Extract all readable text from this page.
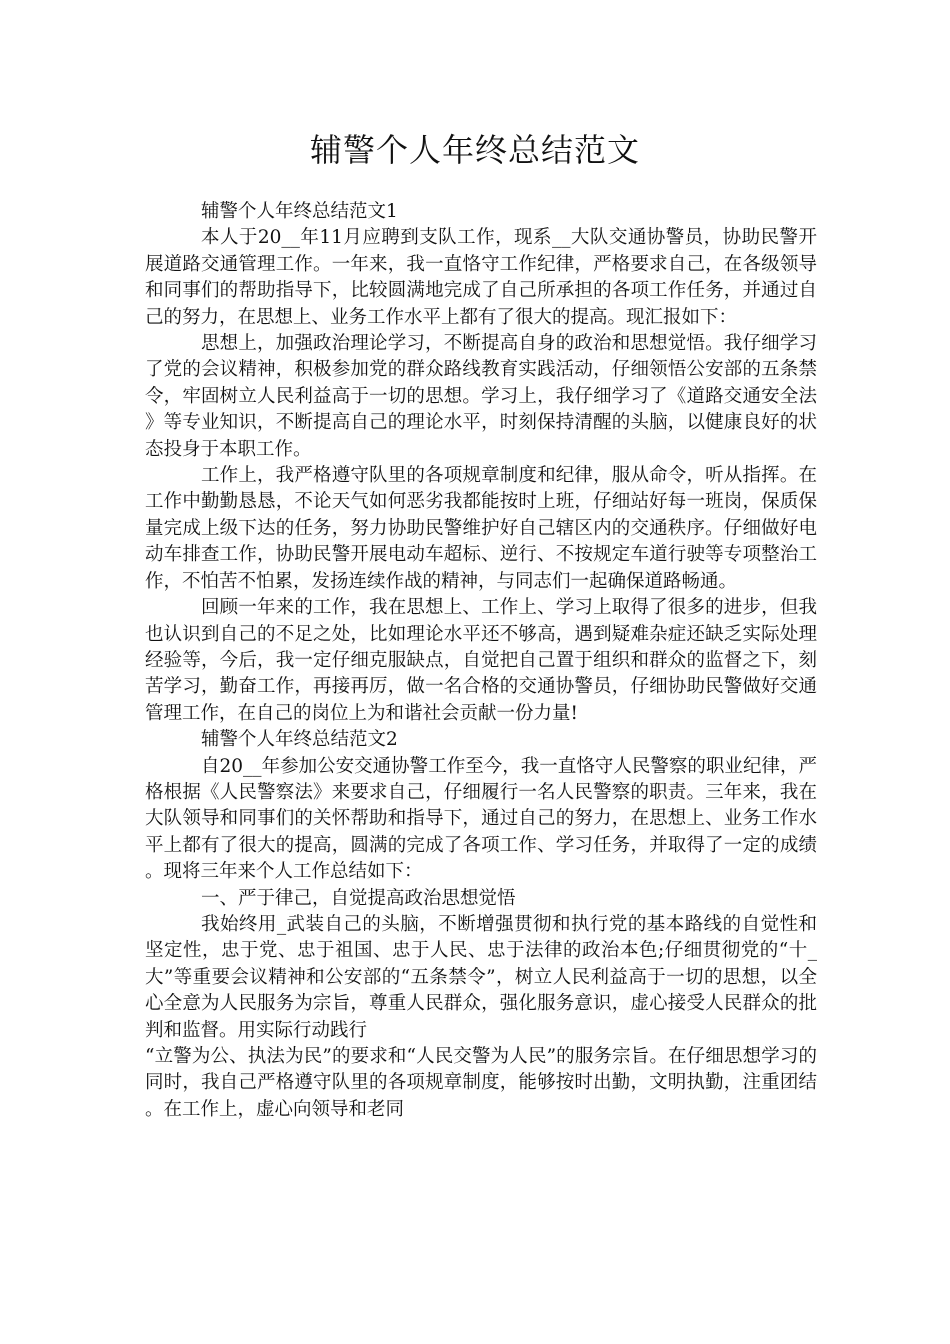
辅警个人年终总结范文

辅警个人年终总结范文1

本人于20__年11月应聘到支队工作，现系__大队交通协警员，协助民警开展道路交通管理工作。一年来，我一直恪守工作纪律，严格要求自己，在各级领导和同事们的帮助指导下，比较圆满地完成了自己所承担的各项工作任务，并通过自己的努力，在思想上、业务工作水平上都有了很大的提高。现汇报如下：

思想上，加强政治理论学习，不断提高自身的政治和思想觉悟。我仔细学习了党的会议精神，积极参加党的群众路线教育实践活动，仔细领悟公安部的五条禁令，牢固树立人民利益高于一切的思想。学习上，我仔细学习了《道路交通安全法》等专业知识，不断提高自己的理论水平，时刻保持清醒的头脑，以健康良好的状态投身于本职工作。

工作上，我严格遵守队里的各项规章制度和纪律，服从命令，听从指挥。在工作中勤勤恳恳，不论天气如何恶劣我都能按时上班，仔细站好每一班岗，保质保量完成上级下达的任务，努力协助民警维护好自己辖区内的交通秩序。仔细做好电动车排查工作，协助民警开展电动车超标、逆行、不按规定车道行驶等专项整治工作，不怕苦不怕累，发扬连续作战的精神，与同志们一起确保道路畅通。

回顾一年来的工作，我在思想上、工作上、学习上取得了很多的进步，但我也认识到自己的不足之处，比如理论水平还不够高，遇到疑难杂症还缺乏实际处理经验等，今后，我一定仔细克服缺点，自觉把自己置于组织和群众的监督之下，刻苦学习，勤奋工作，再接再厉，做一名合格的交通协警员，仔细协助民警做好交通管理工作，在自己的岗位上为和谐社会贡献一份力量!

辅警个人年终总结范文2

自20__年参加公安交通协警工作至今，我一直恪守人民警察的职业纪律，严格根据《人民警察法》来要求自己，仔细履行一名人民警察的职责。三年来，我在大队领导和同事们的关怀帮助和指导下，通过自己的努力，在思想上、业务工作水平上都有了很大的提高，圆满的完成了各项工作、学习任务，并取得了一定的成绩。现将三年来个人工作总结如下：

一、严于律己，自觉提高政治思想觉悟

我始终用_武装自己的头脑，不断增强贯彻和执行党的基本路线的自觉性和坚定性，忠于党、忠于祖国、忠于人民、忠于法律的政治本色;仔细贯彻党的“十_大”等重要会议精神和公安部的“五条禁令”，树立人民利益高于一切的思想，以全心全意为人民服务为宗旨，尊重人民群众，强化服务意识，虚心接受人民群众的批判和监督。用实际行动践行

“立警为公、执法为民”的要求和“人民交警为人民”的服务宗旨。在仔细思想学习的同时，我自己严格遵守队里的各项规章制度，能够按时出勤，文明执勤，注重团结。在工作上，虚心向领导和老同
